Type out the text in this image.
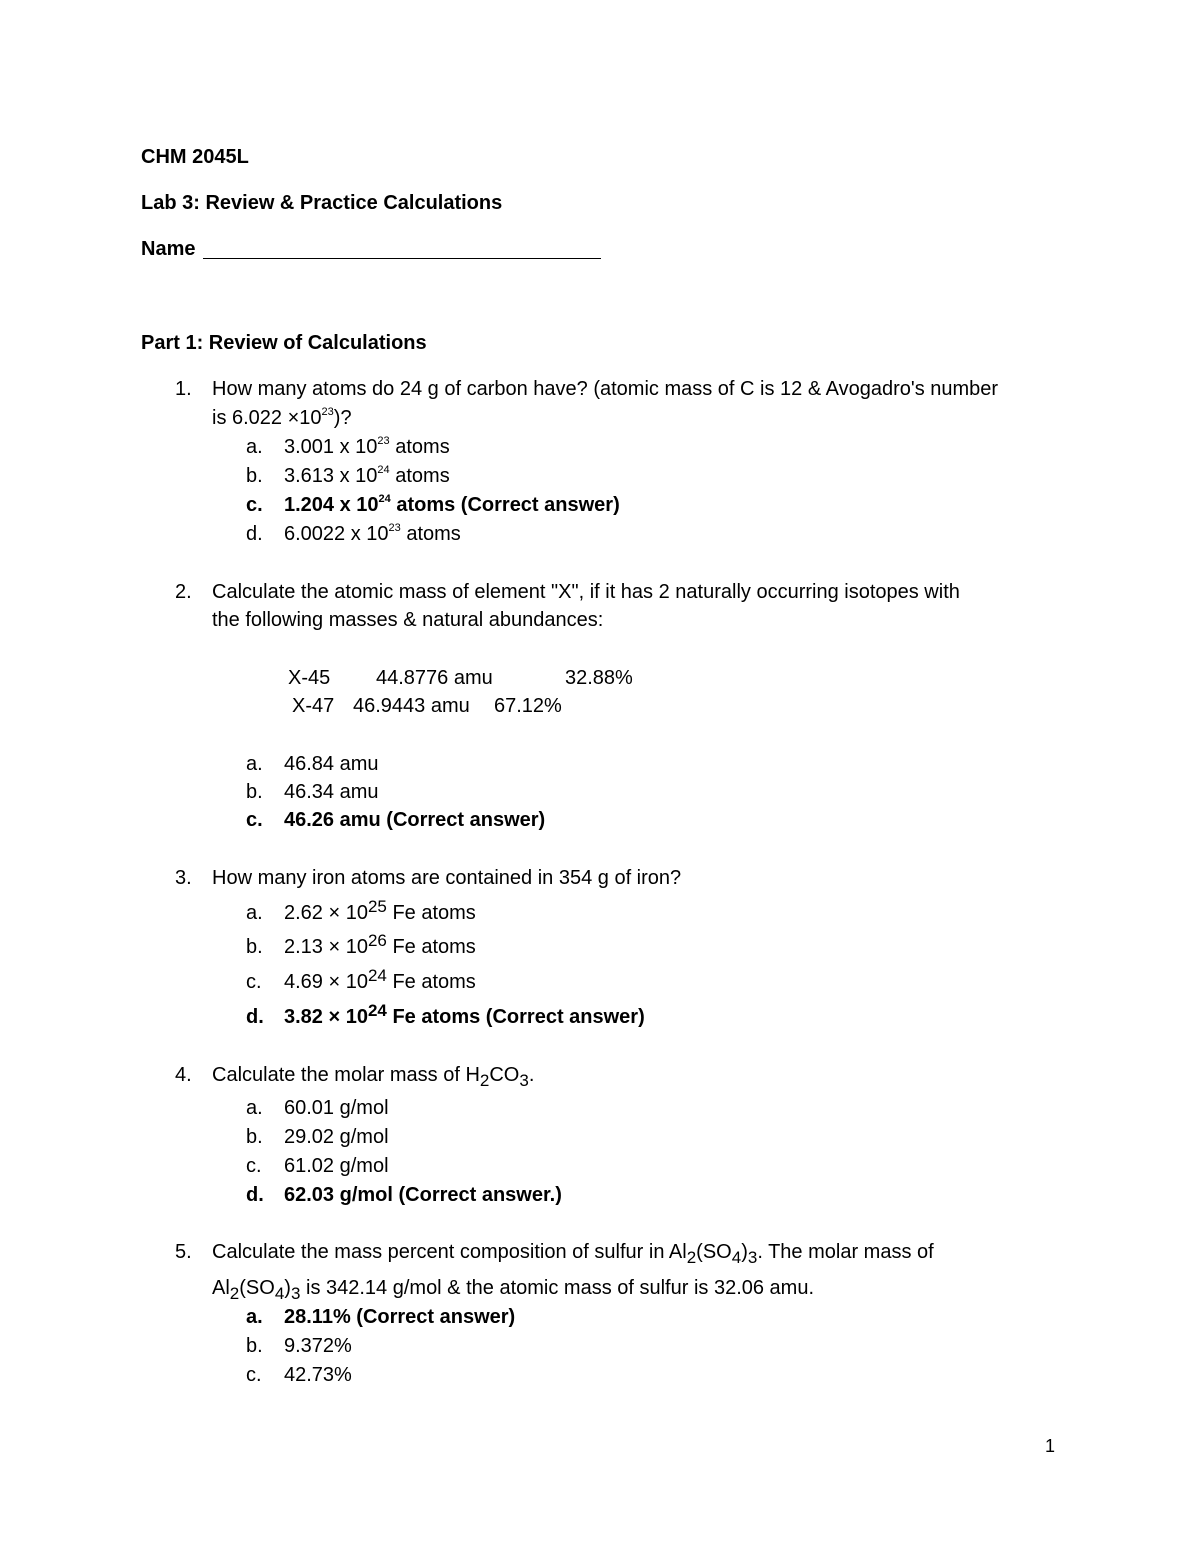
CHM 2045L
Lab 3: Review & Practice Calculations
Name
Part 1: Review of Calculations
1. How many atoms do 24 g of carbon have? (atomic mass of C is 12 & Avogadro's number
is $6.022 \times 10^{23}$)?
a. 3.001 x $10^{23}$ atoms
b. 3.613 x $10^{24}$ atoms
c. 1.204 x $10^{24}$ atoms (Correct answer)
d. 6.0022 x $10^{23}$ atoms
2. Calculate the atomic mass of element "X", if it has 2 naturally occurring isotopes with
the following masses & natural abundances:
X-45 44.8776 amu	32.88%
X-47 46.9443 amu 67.12%
a. 46.84 amu
b. 46.34 amu
c. 46.26 amu (Correct answer)
3. How many iron atoms are contained in 354 g of iron?
a. $2.62 \times 10^{25}$ Fe atoms
b. $2.13 \times 10^{26}$ Fe atoms
c. $4.69 \times 10^{24}$ Fe atoms
d. $3.82 \times 10^{24}$ Fe atoms (Correct answer)
4. Calculate the molar mass of $H_2CO_3$.
a. 60.01 g/mol
b. 29.02 g/mol
c. 61.02 g/mol
d. 62.03 g/mol (Correct answer.)
5. Calculate the mass percent composition of sulfur in $Al_2(SO_4)_3$. The molar mass of
$Al_2(SO_4)_3$ is 342.14 g/mol & the atomic mass of sulfur is 32.06 amu.
a. 28.11% (Correct answer)
b. 9.372%
c. 42.73%
1
